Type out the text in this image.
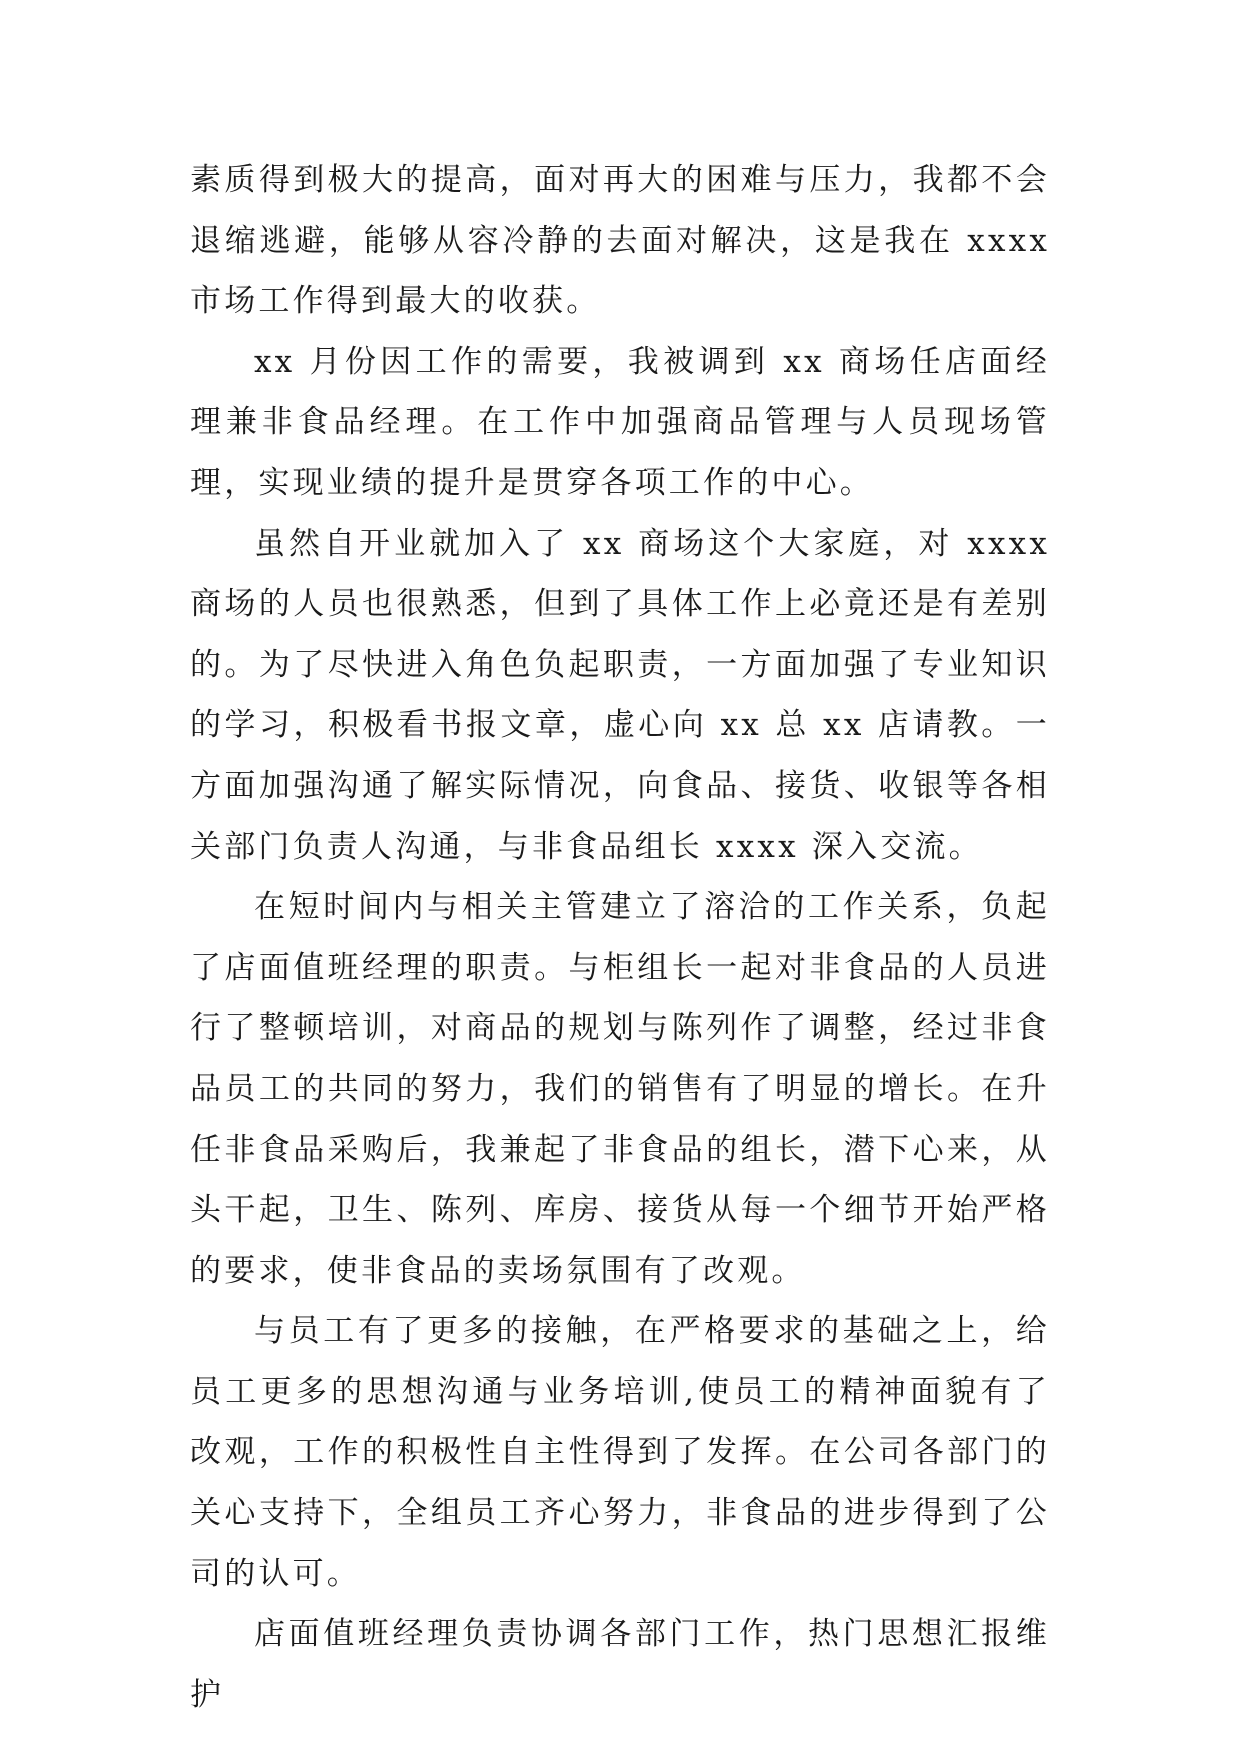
素质得到极大的提高，面对再大的困难与压力，我都不会退缩逃避，能够从容冷静的去面对解决，这是我在 xxxx 市场工作得到最大的收获。

xx 月份因工作的需要，我被调到 xx 商场任店面经理兼非食品经理。在工作中加强商品管理与人员现场管理，实现业绩的提升是贯穿各项工作的中心。

虽然自开业就加入了 xx 商场这个大家庭，对 xxxx 商场的人员也很熟悉，但到了具体工作上必竟还是有差别的。为了尽快进入角色负起职责，一方面加强了专业知识的学习，积极看书报文章，虚心向 xx 总 xx 店请教。一方面加强沟通了解实际情况，向食品、接货、收银等各相关部门负责人沟通，与非食品组长 xxxx 深入交流。

在短时间内与相关主管建立了溶洽的工作关系，负起了店面值班经理的职责。与柜组长一起对非食品的人员进行了整顿培训，对商品的规划与陈列作了调整，经过非食品员工的共同的努力，我们的销售有了明显的增长。在升任非食品采购后，我兼起了非食品的组长，潜下心来，从头干起，卫生、陈列、库房、接货从每一个细节开始严格的要求，使非食品的卖场氛围有了改观。

与员工有了更多的接触，在严格要求的基础之上，给员工更多的思想沟通与业务培训,使员工的精神面貌有了改观，工作的积极性自主性得到了发挥。在公司各部门的关心支持下，全组员工齐心努力，非食品的进步得到了公司的认可。

店面值班经理负责协调各部门工作，热门思想汇报维护
